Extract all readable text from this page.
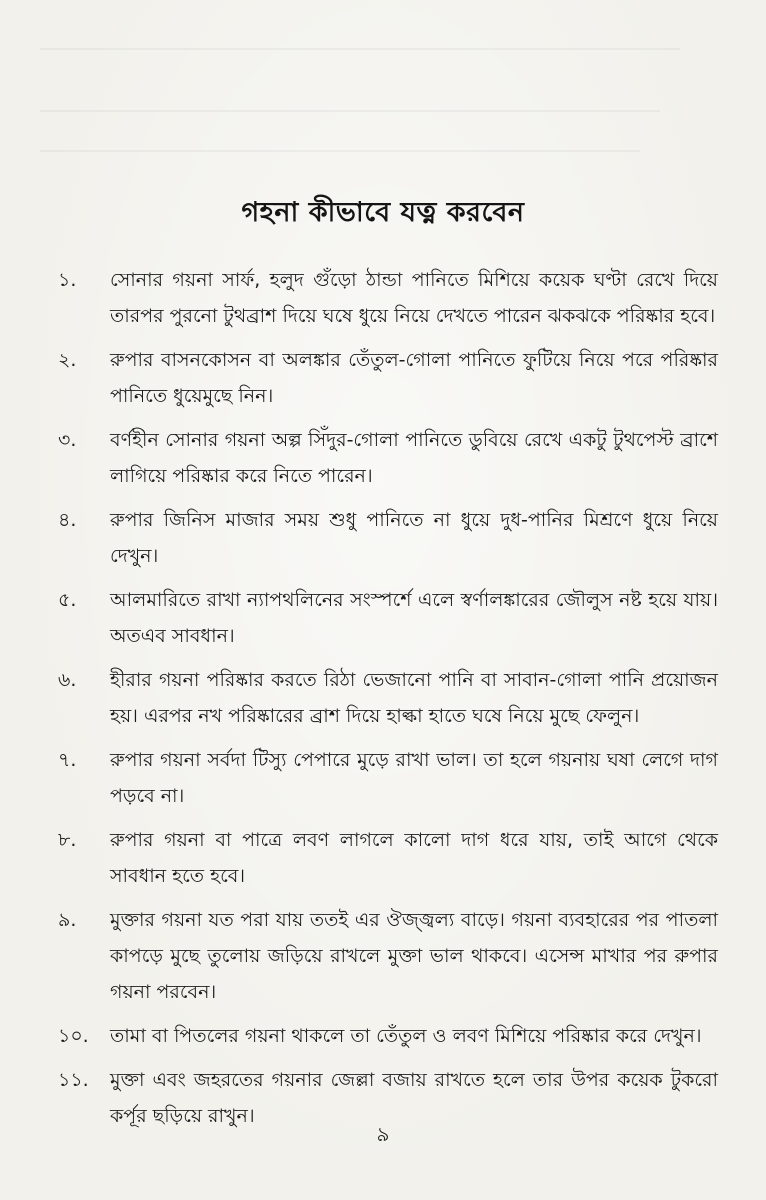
গহনা কীভাবে যত্ন করবেন
১.	সোনার গয়না সার্ফ, হলুদ গুঁড়ো ঠান্ডা পানিতে মিশিয়ে কয়েক ঘণ্টা রেখে দিয়ে তারপর পুরনো টুথব্রাশ দিয়ে ঘষে ধুয়ে নিয়ে দেখতে পারেন ঝকঝকে পরিষ্কার হবে।
২.	রুপার বাসনকোসন বা অলঙ্কার তেঁতুল-গোলা পানিতে ফুটিয়ে নিয়ে পরে পরিষ্কার পানিতে ধুয়েমুছে নিন।
৩.	বর্ণহীন সোনার গয়না অল্প সিঁদুর-গোলা পানিতে ডুবিয়ে রেখে একটু টুথপেস্ট ব্রাশে লাগিয়ে পরিষ্কার করে নিতে পারেন।
৪.	রুপার জিনিস মাজার সময় শুধু পানিতে না ধুয়ে দুধ-পানির মিশ্রণে ধুয়ে নিয়ে দেখুন।
৫.	আলমারিতে রাখা ন্যাপথলিনের সংস্পর্শে এলে স্বর্ণালঙ্কারের জৌলুস নষ্ট হয়ে যায়। অতএব সাবধান।
৬.	হীরার গয়না পরিষ্কার করতে রিঠা ভেজানো পানি বা সাবান-গোলা পানি প্রয়োজন হয়। এরপর নখ পরিষ্কারের ব্রাশ দিয়ে হাল্কা হাতে ঘষে নিয়ে মুছে ফেলুন।
৭.	রুপার গয়না সর্বদা টিস্যু পেপারে মুড়ে রাখা ভাল। তা হলে গয়নায় ঘষা লেগে দাগ পড়বে না।
৮.	রুপার গয়না বা পাত্রে লবণ লাগলে কালো দাগ ধরে যায়, তাই আগে থেকে সাবধান হতে হবে।
৯.	মুক্তার গয়না যত পরা যায় ততই এর ঔজ্জ্বল্য বাড়ে। গয়না ব্যবহারের পর পাতলা কাপড়ে মুছে তুলোয় জড়িয়ে রাখলে মুক্তা ভাল থাকবে। এসেন্স মাখার পর রুপার গয়না পরবেন।
১০.	তামা বা পিতলের গয়না থাকলে তা তেঁতুল ও লবণ মিশিয়ে পরিষ্কার করে দেখুন।
১১.	মুক্তা এবং জহরতের গয়নার জেল্লা বজায় রাখতে হলে তার উপর কয়েক টুকরো কর্পূর ছড়িয়ে রাখুন।
৯
